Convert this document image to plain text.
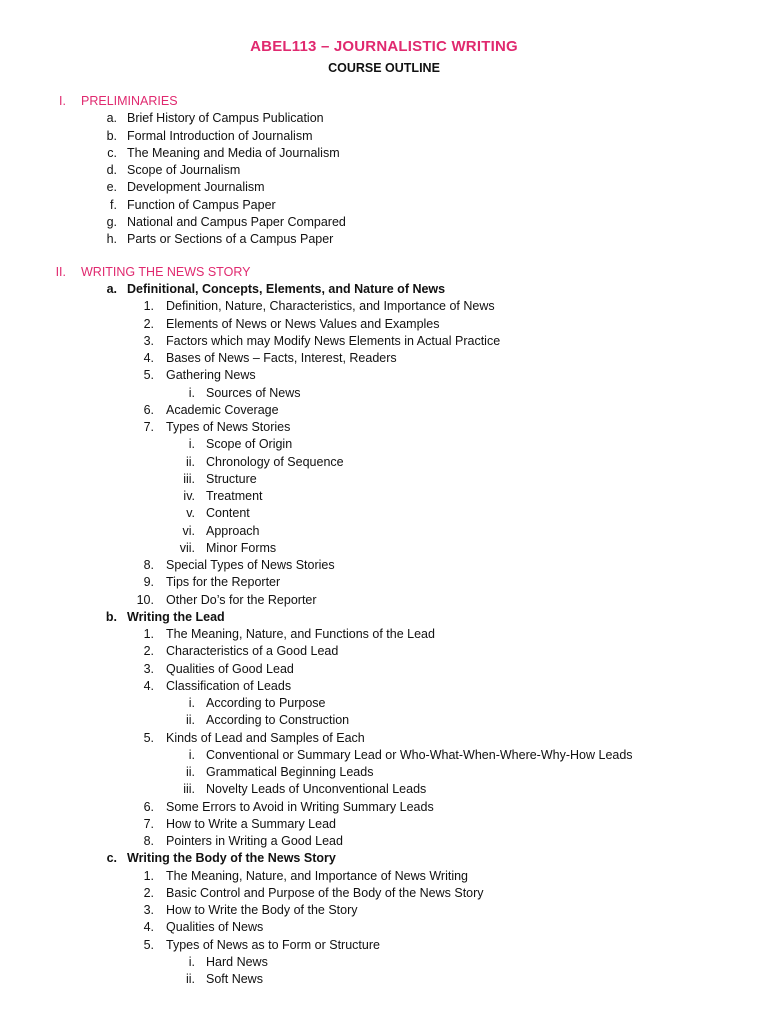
ABEL113 – JOURNALISTIC WRITING
COURSE OUTLINE
I. PRELIMINARIES
a. Brief History of Campus Publication
b. Formal Introduction of Journalism
c. The Meaning and Media of Journalism
d. Scope of Journalism
e. Development Journalism
f. Function of Campus Paper
g. National and Campus Paper Compared
h. Parts or Sections of a Campus Paper
II. WRITING THE NEWS STORY
a. Definitional, Concepts, Elements, and Nature of News
1. Definition, Nature, Characteristics, and Importance of News
2. Elements of News or News Values and Examples
3. Factors which may Modify News Elements in Actual Practice
4. Bases of News – Facts, Interest, Readers
5. Gathering News
i. Sources of News
6. Academic Coverage
7. Types of News Stories
i. Scope of Origin
ii. Chronology of Sequence
iii. Structure
iv. Treatment
v. Content
vi. Approach
vii. Minor Forms
8. Special Types of News Stories
9. Tips for the Reporter
10. Other Do’s for the Reporter
b. Writing the Lead
1. The Meaning, Nature, and Functions of the Lead
2. Characteristics of a Good Lead
3. Qualities of Good Lead
4. Classification of Leads
i. According to Purpose
ii. According to Construction
5. Kinds of Lead and Samples of Each
i. Conventional or Summary Lead or Who-What-When-Where-Why-How Leads
ii. Grammatical Beginning Leads
iii. Novelty Leads of Unconventional Leads
6. Some Errors to Avoid in Writing Summary Leads
7. How to Write a Summary Lead
8. Pointers in Writing a Good Lead
c. Writing the Body of the News Story
1. The Meaning, Nature, and Importance of News Writing
2. Basic Control and Purpose of the Body of the News Story
3. How to Write the Body of the Story
4. Qualities of News
5. Types of News as to Form or Structure
i. Hard News
ii. Soft News
